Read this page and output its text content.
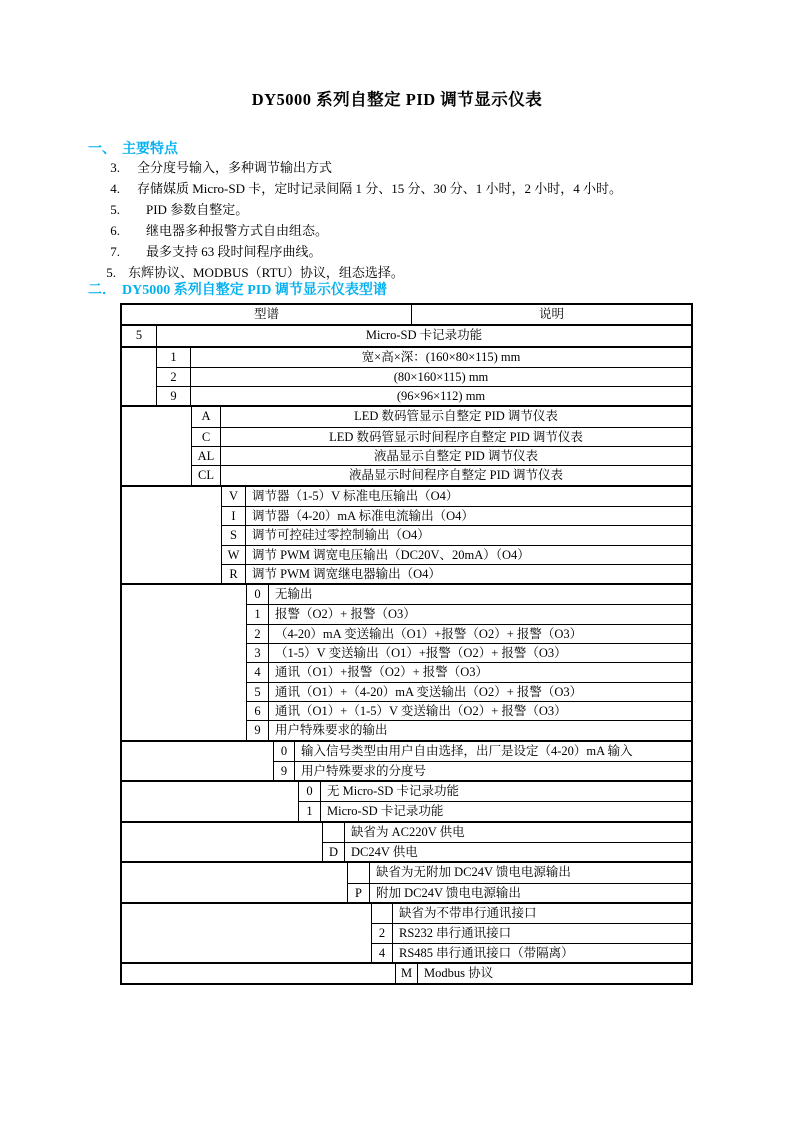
DY5000 系列自整定 PID 调节显示仪表
一、 主要特点
3. 全分度号输入，多种调节输出方式
4. 存储媒质 Micro-SD 卡，定时记录间隔 1 分、15 分、30 分、1 小时，2 小时，4 小时。
5. PID 参数自整定。
6. 继电器多种报警方式自由组态。
7. 最多支持 63 段时间程序曲线。
5. 东辉协议、MODBUS（RTU）协议，组态选择。
二． DY5000 系列自整定 PID 调节显示仪表型谱
型谱	说明
5	Micro-SD 卡记录功能
1	宽×高×深：(160×80×115) mm
2	(80×160×115) mm
9	(96×96×112) mm
A	LED 数码管显示自整定 PID 调节仪表
C	LED 数码管显示时间程序自整定 PID 调节仪表
AL	液晶显示自整定 PID 调节仪表
CL	液晶显示时间程序自整定 PID 调节仪表
V	调节器（1-5）V 标准电压输出（O4）
I	调节器（4-20）mA 标准电流输出（O4）
S	调节可控硅过零控制输出（O4）
W	调节 PWM 调宽电压输出（DC20V、20mA）（O4）
R	调节 PWM 调宽继电器输出（O4）
0	无输出
1	报警（O2）+ 报警（O3）
2	（4-20）mA 变送输出（O1）+报警（O2）+ 报警（O3）
3	（1-5）V 变送输出（O1）+报警（O2）+ 报警（O3）
4	通讯（O1）+报警（O2）+ 报警（O3）
5	通讯（O1）+（4-20）mA 变送输出（O2）+ 报警（O3）
6	通讯（O1）+（1-5）V 变送输出（O2）+ 报警（O3）
9	用户特殊要求的输出
0	输入信号类型由用户自由选择，出厂是设定（4-20）mA 输入
9	用户特殊要求的分度号
0	无 Micro-SD 卡记录功能
1	Micro-SD 卡记录功能
缺省为 AC220V 供电
D	DC24V 供电
缺省为无附加 DC24V 馈电电源输出
P	附加 DC24V 馈电电源输出
缺省为不带串行通讯接口
2	RS232 串行通讯接口
4	RS485 串行通讯接口（带隔离）
M Modbus 协议
